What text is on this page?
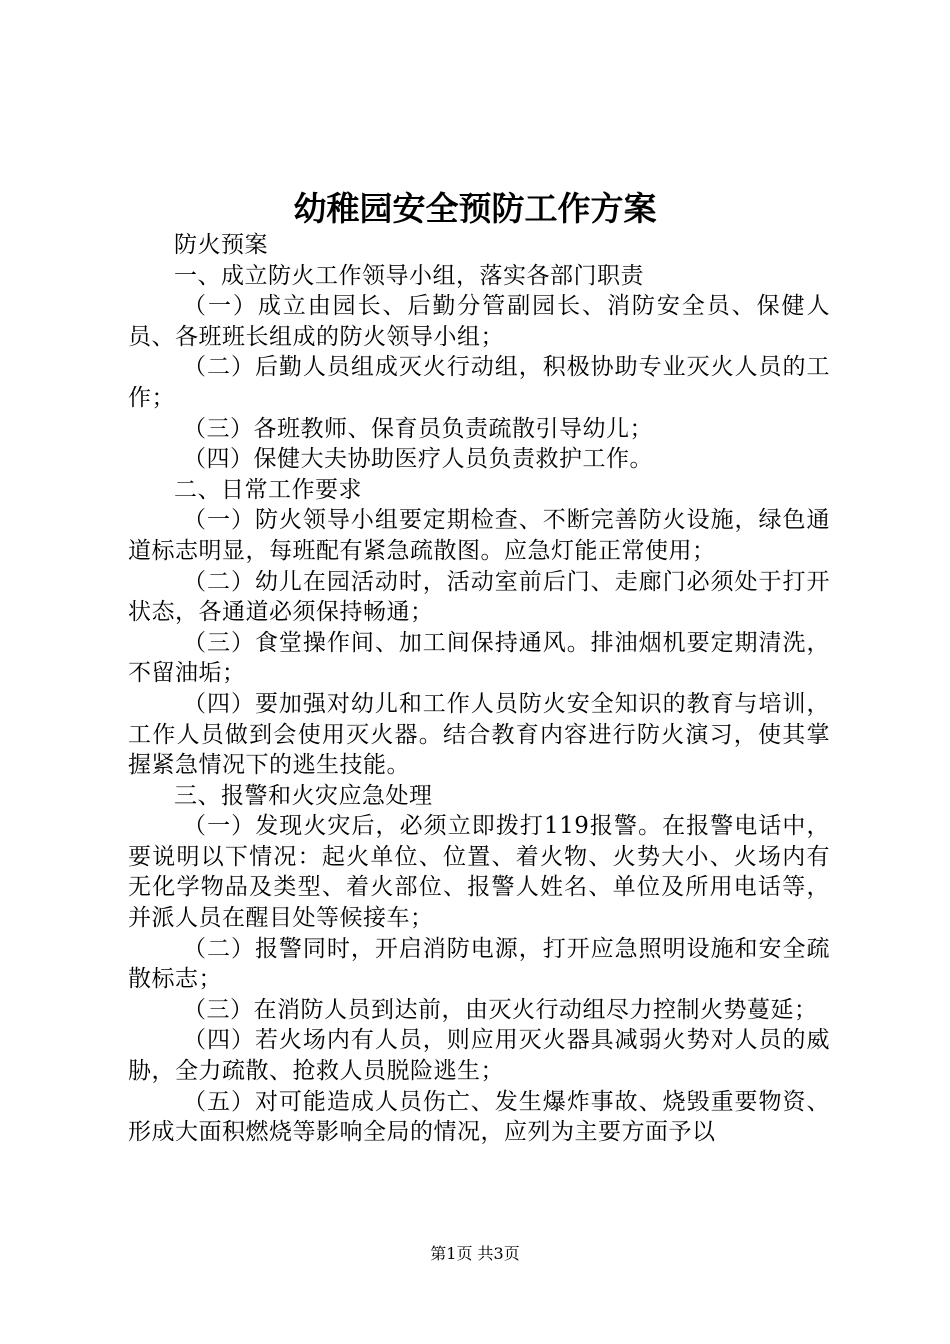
幼稚园安全预防工作方案

防火预案

一、成立防火工作领导小组，落实各部门职责

（一）成立由园长、后勤分管副园长、消防安全员、保健人员、各班班长组成的防火领导小组；

（二）后勤人员组成灭火行动组，积极协助专业灭火人员的工作；

（三）各班教师、保育员负责疏散引导幼儿；

（四）保健大夫协助医疗人员负责救护工作。

二、日常工作要求

（一）防火领导小组要定期检查、不断完善防火设施，绿色通道标志明显，每班配有紧急疏散图。应急灯能正常使用；

（二）幼儿在园活动时，活动室前后门、走廊门必须处于打开状态，各通道必须保持畅通；

（三）食堂操作间、加工间保持通风。排油烟机要定期清洗，不留油垢；

（四）要加强对幼儿和工作人员防火安全知识的教育与培训，工作人员做到会使用灭火器。结合教育内容进行防火演习，使其掌握紧急情况下的逃生技能。

三、报警和火灾应急处理

（一）发现火灾后，必须立即拨打119报警。在报警电话中，要说明以下情况：起火单位、位置、着火物、火势大小、火场内有无化学物品及类型、着火部位、报警人姓名、单位及所用电话等，并派人员在醒目处等候接车；

（二）报警同时，开启消防电源，打开应急照明设施和安全疏散标志；

（三）在消防人员到达前，由灭火行动组尽力控制火势蔓延；

（四）若火场内有人员，则应用灭火器具减弱火势对人员的威胁，全力疏散、抢救人员脱险逃生；

（五）对可能造成人员伤亡、发生爆炸事故、烧毁重要物资、形成大面积燃烧等影响全局的情况，应列为主要方面予以

第1页 共3页
